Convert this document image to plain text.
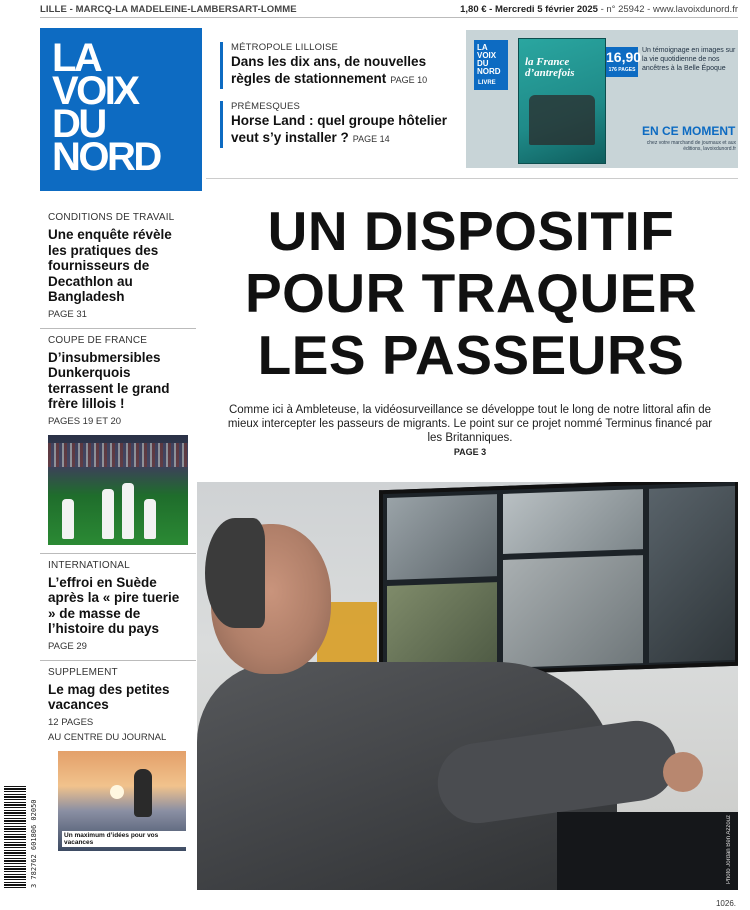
LILLE - MARCQ-LA MADELEINE-LAMBERSART-LOMME	1,80 € - Mercredi 5 février 2025 - n° 25942 - www.lavoixdunord.fr
LA
VOIX
DU
NORD
MÉTROPOLE LILLOISE
Dans les dix ans, de nouvelles règles de stationnement PAGE 10
PRÉMESQUES
Horse Land : quel groupe hôtelier veut s’y installer ? PAGE 14
LA VOIX DU NORD
LIVRE
la France d’antrefois
16,90
176 PAGES
Un témoignage en images sur la vie quotidienne de nos ancêtres à la Belle Époque
EN CE MOMENT
chez votre marchand de journaux et aux éditions, lavoixdunord.fr
CONDITIONS DE TRAVAIL
Une enquête révèle les pratiques des fournisseurs de Decathlon au Bangladesh
PAGE 31
COUPE DE FRANCE
D’insubmersibles Dunkerquois terrassent le grand frère lillois !
PAGES 19 ET 20
INTERNATIONAL
L’effroi en Suède après la « pire tuerie » de masse de l’histoire du pays
PAGE 29
SUPPLEMENT
Le mag des petites vacances
12 PAGES
AU CENTRE DU JOURNAL
Un maximum d’idées pour vos vacances
3 782762 601806 02050
UN DISPOSITIF POUR TRAQUER LES PASSEURS
Comme ici à Ambleteuse, la vidéosurveillance se développe tout le long de notre littoral afin de mieux intercepter les passeurs de migrants. Le point sur ce projet nommé Terminus financé par les Britanniques.
PAGE 3
Photo Jordan Ben Azzouz
1026.
